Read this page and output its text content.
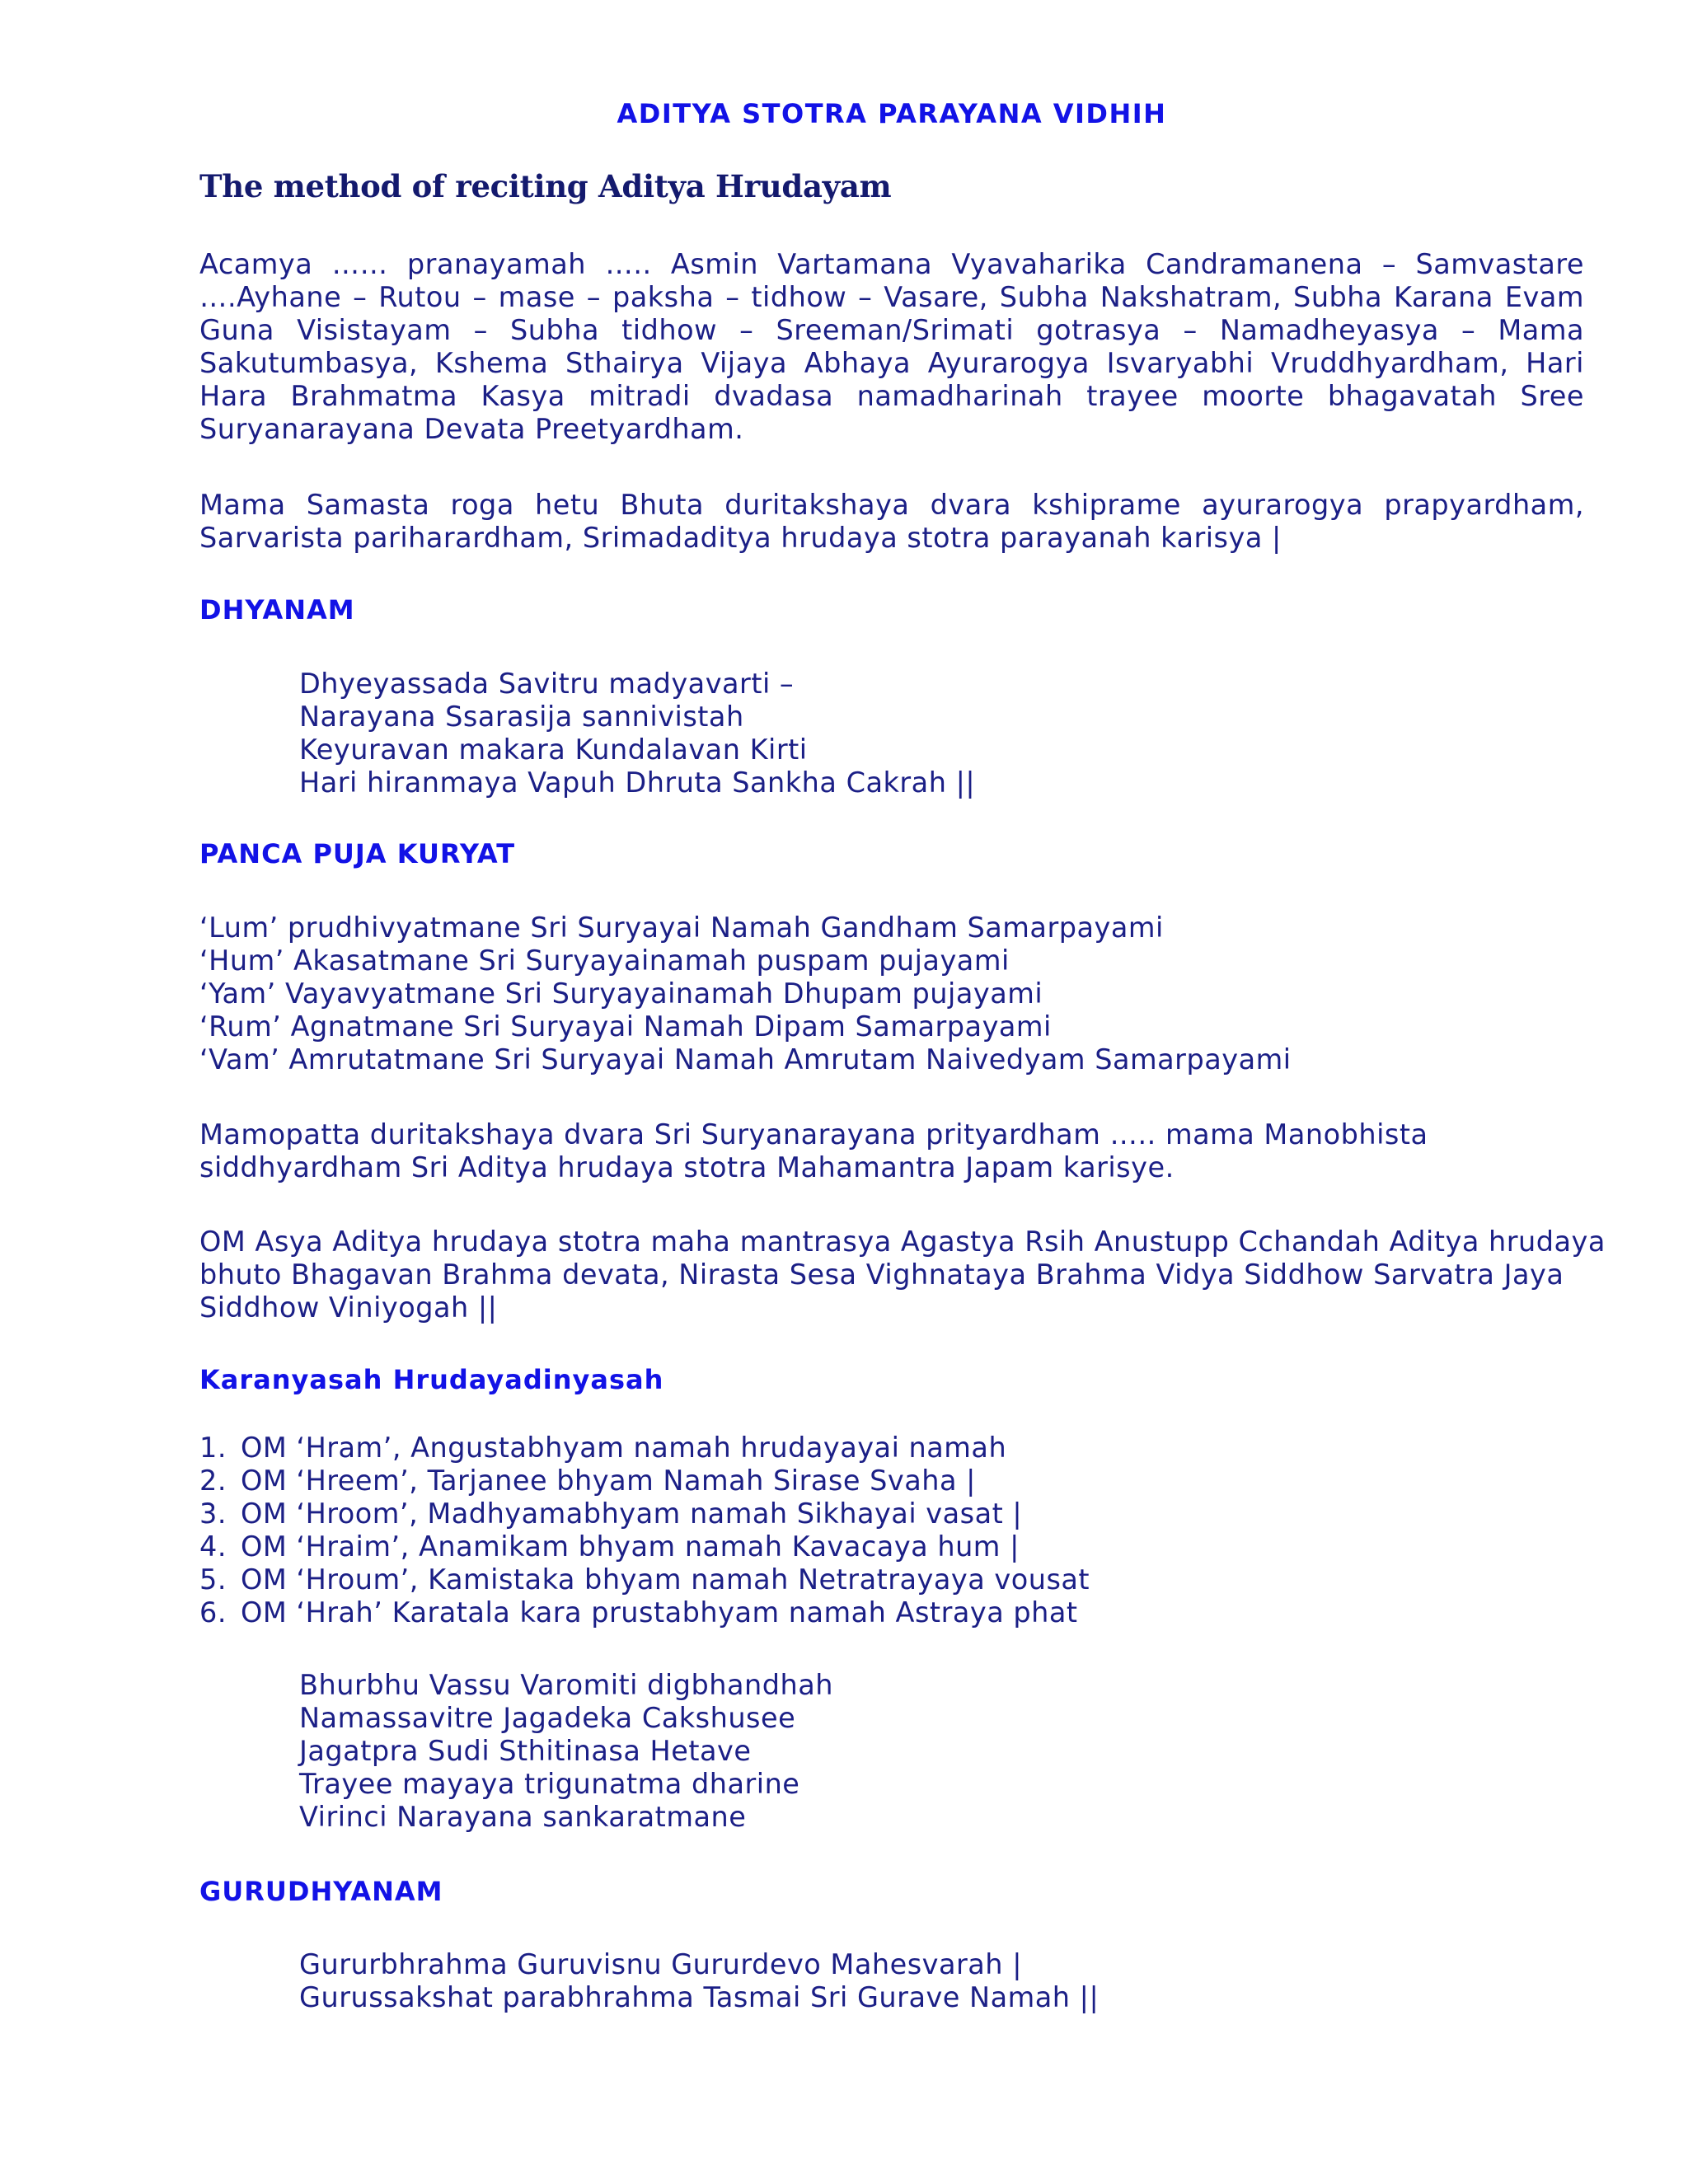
ADITYA STOTRA PARAYANA VIDHIH
The method of reciting Aditya Hrudayam

Acamya …… pranayamah ….. Asmin Vartamana Vyavaharika Candramanena – Samvastare ….Ayhane – Rutou – mase – paksha – tidhow – Vasare, Subha Nakshatram, Subha Karana Evam Guna Visistayam – Subha tidhow – Sreeman/Srimati gotrasya – Namadheyasya – Mama Sakutumbasya, Kshema Sthairya Vijaya Abhaya Ayurarogya Isvaryabhi Vruddhyardham, Hari Hara Brahmatma Kasya mitradi dvadasa namadharinah trayee moorte bhagavatah Sree Suryanarayana Devata Preetyardham.

Mama Samasta roga hetu Bhuta duritakshaya dvara kshiprame ayurarogya prapyardham, Sarvarista pariharardham, Srimadaditya hrudaya stotra parayanah karisya |

DHYANAM
Dhyeyassada Savitru madyavarti –
Narayana Ssarasija sannivistah
Keyuravan makara Kundalavan Kirti
Hari hiranmaya Vapuh Dhruta Sankha Cakrah ||
PANCA PUJA KURYAT
‘Lum’ prudhivyatmane Sri Suryayai Namah Gandham Samarpayami
‘Hum’ Akasatmane Sri Suryayainamah puspam pujayami
‘Yam’ Vayavyatmane Sri Suryayainamah Dhupam pujayami
‘Rum’ Agnatmane Sri Suryayai Namah Dipam Samarpayami
‘Vam’ Amrutatmane Sri Suryayai Namah Amrutam Naivedyam Samarpayami
Mamopatta duritakshaya dvara Sri Suryanarayana prityardham ….. mama Manobhista
siddhyardham Sri Aditya hrudaya stotra Mahamantra Japam karisye.
OM Asya Aditya hrudaya stotra maha mantrasya Agastya Rsih Anustupp Cchandah Aditya hrudaya
bhuto Bhagavan Brahma devata, Nirasta Sesa Vighnataya Brahma Vidya Siddhow Sarvatra Jaya
Siddhow Viniyogah ||
Karanyasah Hrudayadinyasah
1. OM ‘Hram’, Angustabhyam namah hrudayayai namah
2. OM ‘Hreem’, Tarjanee bhyam Namah Sirase Svaha |
3. OM ‘Hroom’, Madhyamabhyam namah Sikhayai vasat |
4. OM ‘Hraim’, Anamikam bhyam namah Kavacaya hum |
5. OM ‘Hroum’, Kamistaka bhyam namah Netratrayaya vousat
6. OM ‘Hrah’ Karatala kara prustabhyam namah Astraya phat
Bhurbhu Vassu Varomiti digbhandhah
Namassavitre Jagadeka Cakshusee
Jagatpra Sudi Sthitinasa Hetave
Trayee mayaya trigunatma dharine
Virinci Narayana sankaratmane
GURUDHYANAM
Gururbhrahma Guruvisnu Gururdevo Mahesvarah |
Gurussakshat parabhrahma Tasmai Sri Gurave Namah ||
